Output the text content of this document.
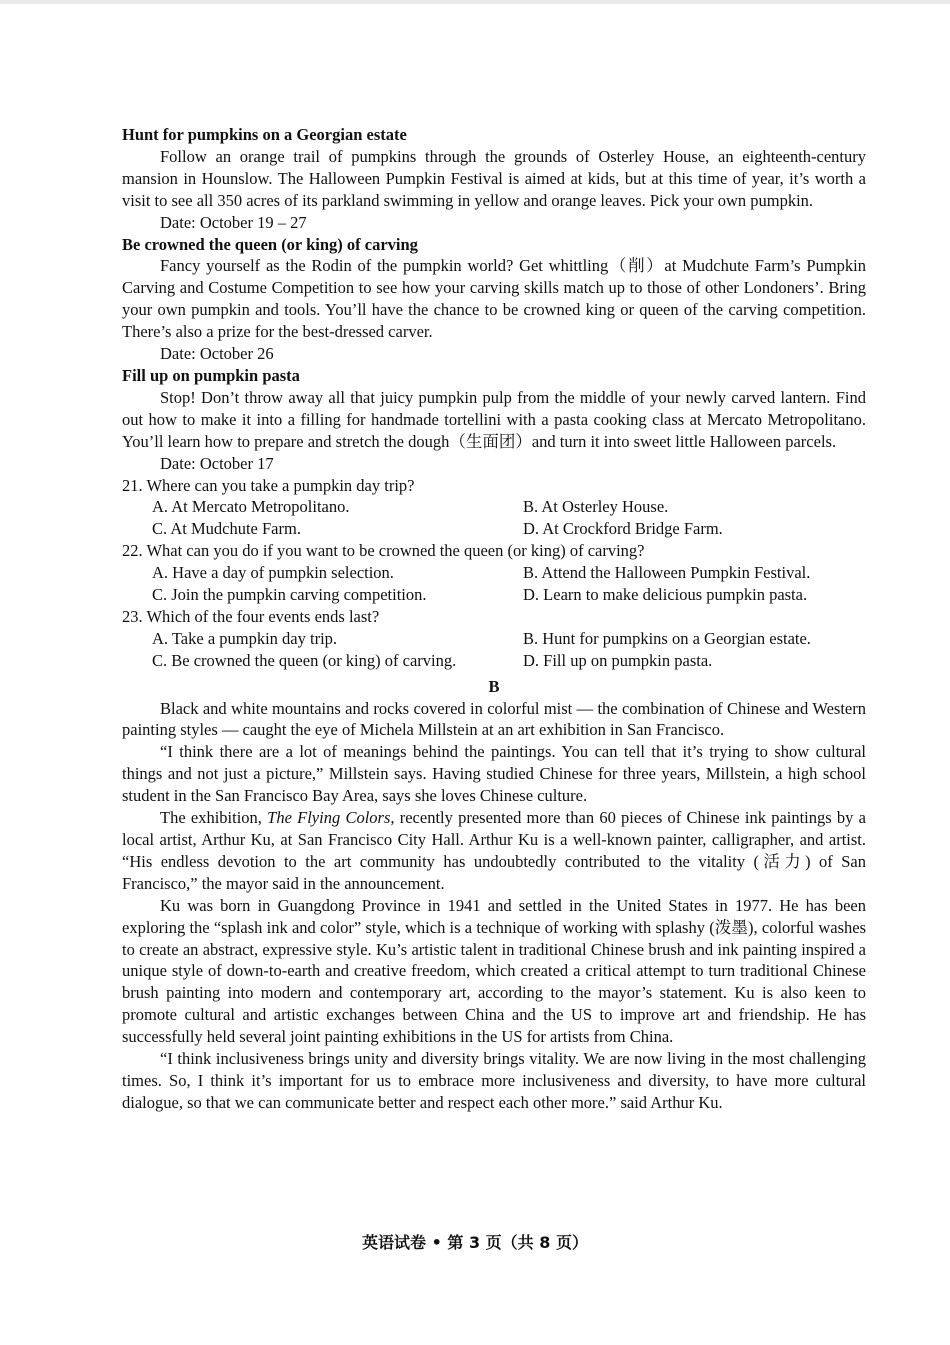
Hunt for pumpkins on a Georgian estate

Follow an orange trail of pumpkins through the grounds of Osterley House, an eighteenth-century mansion in Hounslow. The Halloween Pumpkin Festival is aimed at kids, but at this time of year, it’s worth a visit to see all 350 acres of its parkland swimming in yellow and orange leaves. Pick your own pumpkin.

Date: October 19 – 27
Be crowned the queen (or king) of carving

Fancy yourself as the Rodin of the pumpkin world? Get whittling（削）at Mudchute Farm’s Pumpkin Carving and Costume Competition to see how your carving skills match up to those of other Londoners’. Bring your own pumpkin and tools. You’ll have the chance to be crowned king or queen of the carving competition. There’s also a prize for the best-dressed carver.

Date: October 26
Fill up on pumpkin pasta

Stop! Don’t throw away all that juicy pumpkin pulp from the middle of your newly carved lantern. Find out how to make it into a filling for handmade tortellini with a pasta cooking class at Mercato Metropolitano. You’ll learn how to prepare and stretch the dough（生面团）and turn it into sweet little Halloween parcels.

Date: October 17
21. Where can you take a pumpkin day trip?
A. At Mercato Metropolitano.	B. At Osterley House.
C. At Mudchute Farm.	D. At Crockford Bridge Farm.
22. What can you do if you want to be crowned the queen (or king) of carving?
A. Have a day of pumpkin selection.	B. Attend the Halloween Pumpkin Festival.
C. Join the pumpkin carving competition.	D. Learn to make delicious pumpkin pasta.
23. Which of the four events ends last?
A. Take a pumpkin day trip.	B. Hunt for pumpkins on a Georgian estate.
C. Be crowned the queen (or king) of carving.	D. Fill up on pumpkin pasta.
B

Black and white mountains and rocks covered in colorful mist — the combination of Chinese and Western painting styles — caught the eye of Michela Millstein at an art exhibition in San Francisco.

“I think there are a lot of meanings behind the paintings. You can tell that it’s trying to show cultural things and not just a picture,” Millstein says. Having studied Chinese for three years, Millstein, a high school student in the San Francisco Bay Area, says she loves Chinese culture.

The exhibition, The Flying Colors, recently presented more than 60 pieces of Chinese ink paintings by a local artist, Arthur Ku, at San Francisco City Hall. Arthur Ku is a well-known painter, calligrapher, and artist. “His endless devotion to the art community has undoubtedly contributed to the vitality (活力) of San Francisco,” the mayor said in the announcement.

Ku was born in Guangdong Province in 1941 and settled in the United States in 1977. He has been exploring the “splash ink and color” style, which is a technique of working with splashy (泼墨), colorful washes to create an abstract, expressive style. Ku’s artistic talent in traditional Chinese brush and ink painting inspired a unique style of down-to-earth and creative freedom, which created a critical attempt to turn traditional Chinese brush painting into modern and contemporary art, according to the mayor’s statement. Ku is also keen to promote cultural and artistic exchanges between China and the US to improve art and friendship. He has successfully held several joint painting exhibitions in the US for artists from China.

“I think inclusiveness brings unity and diversity brings vitality. We are now living in the most challenging times. So, I think it’s important for us to embrace more inclusiveness and diversity, to have more cultural dialogue, so that we can communicate better and respect each other more.” said Arthur Ku.

英语试卷 • 第 3 页（共 8 页）
